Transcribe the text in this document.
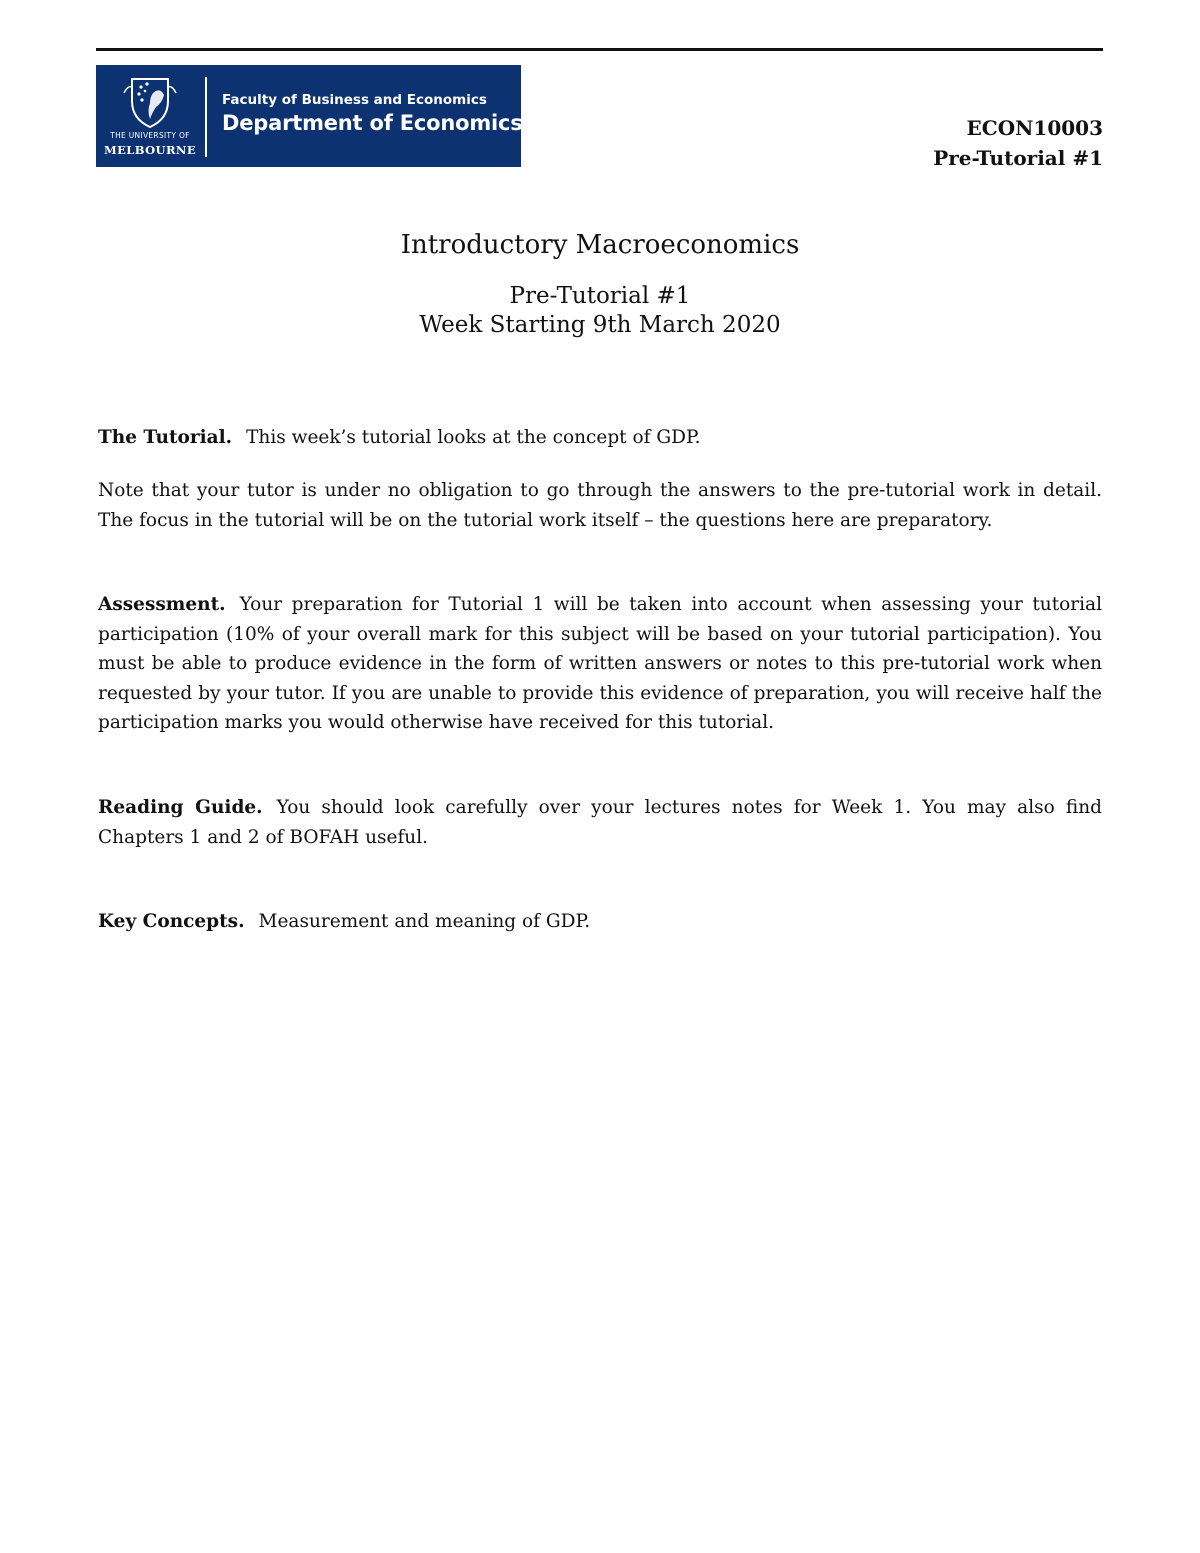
THE UNIVERSITY OF
MELBOURNE
Faculty of Business and Economics
Department of Economics	ECON10003
Pre-Tutorial #1
Introductory Macroeconomics
Pre-Tutorial #1
Week Starting 9th March 2020

The Tutorial. This week’s tutorial looks at the concept of GDP.

Note that your tutor is under no obligation to go through the answers to the pre-tutorial work in detail. The focus in the tutorial will be on the tutorial work itself – the questions here are preparatory.

Assessment. Your preparation for Tutorial 1 will be taken into account when assessing your tutorial participation (10% of your overall mark for this subject will be based on your tutorial participation). You must be able to produce evidence in the form of written answers or notes to this pre-tutorial work when requested by your tutor. If you are unable to provide this evidence of preparation, you will receive half the participation marks you would otherwise have received for this tutorial.

Reading Guide. You should look carefully over your lectures notes for Week 1. You may also find Chapters 1 and 2 of BOFAH useful.

Key Concepts. Measurement and meaning of GDP.
